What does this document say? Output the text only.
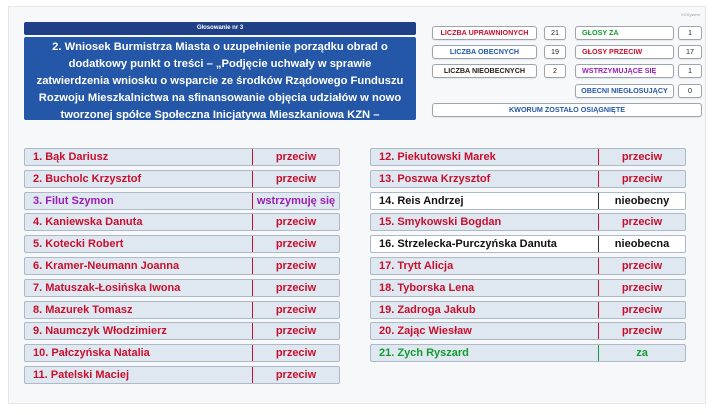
KDSystem
Głosowanie nr 3
2. Wniosek Burmistrza Miasta o uzupełnienie porządku obrad o dodatkowy punkt o treści – „Podjęcie uchwały w sprawie zatwierdzenia wniosku o wsparcie ze środków Rządowego Funduszu Rozwoju Mieszkalnictwa na sfinansowanie objęcia udziałów w nowo tworzonej spółce Społeczna Inicjatywa Mieszkaniowa KZN –
LICZBA UPRAWNIONYCH	21
LICZBA OBECNYCH	19
LICZBA NIEOBECNYCH	2
GŁOSY ZA	1
GŁOSY PRZECIW	17
WSTRZYMUJĄCE SIĘ	1
OBECNI NIEGŁOSUJĄCY	0
KWORUM ZOSTAŁO OSIĄGNIĘTE
1. Bąk Dariusz	przeciw
2. Bucholc Krzysztof	przeciw
3. Filut Szymon	wstrzymuję się
4. Kaniewska Danuta	przeciw
5. Kotecki Robert	przeciw
6. Kramer-Neumann Joanna	przeciw
7. Matuszak-Łosińska Iwona	przeciw
8. Mazurek Tomasz	przeciw
9. Naumczyk Włodzimierz	przeciw
10. Pałczyńska Natalia	przeciw
11. Patelski Maciej	przeciw
12. Piekutowski Marek	przeciw
13. Poszwa Krzysztof	przeciw
14. Reis Andrzej	nieobecny
15. Smykowski Bogdan	przeciw
16. Strzelecka-Purczyńska Danuta	nieobecna
17. Trytt Alicja	przeciw
18. Tyborska Lena	przeciw
19. Zadroga Jakub	przeciw
20. Zając Wiesław	przeciw
21. Zych Ryszard	za
